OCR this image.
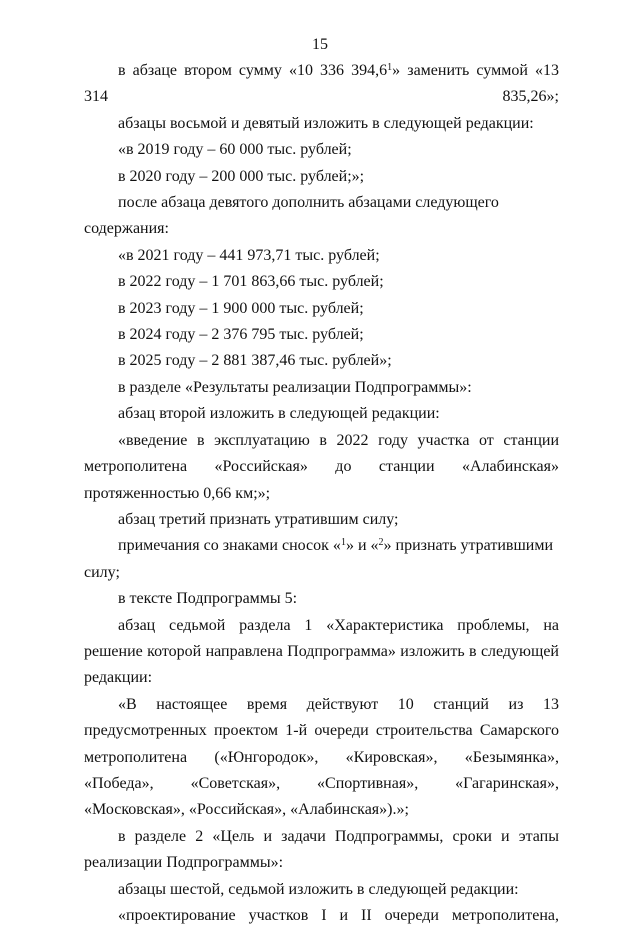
15

в абзаце втором сумму «10 336 394,6$^1$» заменить суммой «13 314 835,26»;

абзацы восьмой и девятый изложить в следующей редакции:

«в 2019 году – 60 000 тыс. рублей;

в 2020 году – 200 000 тыс. рублей;»;

после абзаца девятого дополнить абзацами следующего содержания:

«в 2021 году – 441 973,71 тыс. рублей;

в 2022 году – 1 701 863,66 тыс. рублей;

в 2023 году – 1 900 000 тыс. рублей;

в 2024 году – 2 376 795 тыс. рублей;

в 2025 году – 2 881 387,46 тыс. рублей»;

в разделе «Результаты реализации Подпрограммы»:

абзац второй изложить в следующей редакции:

«введение в эксплуатацию в 2022 году участка от станции метрополитена «Российская» до станции «Алабинская» протяженностью 0,66 км;»;

абзац третий признать утратившим силу;

примечания со знаками сносок «$^1$» и «$^2$» признать утратившими силу;

в тексте Подпрограммы 5:

абзац седьмой раздела 1 «Характеристика проблемы, на решение которой направлена Подпрограмма» изложить в следующей редакции:

«В настоящее время действуют 10 станций из 13 предусмотренных проектом 1-й очереди строительства Самарского метрополитена («Юнгородок», «Кировская», «Безымянка», «Победа», «Советская», «Спортивная», «Гагаринская», «Московская», «Российская», «Алабинская»).»;

в разделе 2 «Цель и задачи Подпрограммы, сроки и этапы реализации Подпрограммы»:

абзацы шестой, седьмой изложить в следующей редакции:

«проектирование участков I и II очереди метрополитена,
